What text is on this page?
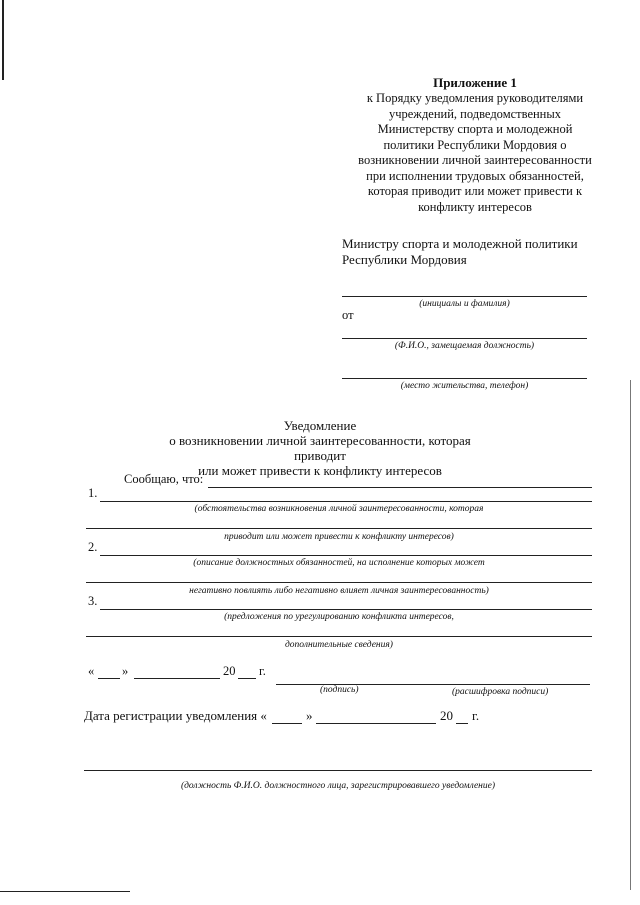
Приложение 1
к Порядку уведомления руководителями
учреждений, подведомственных
Министерству спорта и молодежной
политики Республики Мордовия о
возникновении личной заинтересованности
при исполнении трудовых обязанностей,
которая приводит или может привести к
конфликту интересов
Министру спорта и молодежной политики
Республики Мордовия
(инициалы и фамилия)
от
(Ф.И.О., замещаемая должность)
(место жительства, телефон)
Уведомление
о возникновении личной заинтересованности, которая приводит
или может привести к конфликту интересов
Сообщаю, что:
1.
(обстоятельства возникновения личной заинтересованности, которая
приводит или может привести к конфликту интересов)
2.
(описание должностных обязанностей, на исполнение которых может
негативно повлиять либо негативно влияет личная заинтересованность)
3.
(предложения по урегулированию конфликта интересов,
дополнительные сведения)
« »	20 г.
(подпись)	(расшифровка подписи)
Дата регистрации уведомления «	»	20 г.
(должность Ф.И.О. должностного лица, зарегистрировавшего уведомление)
